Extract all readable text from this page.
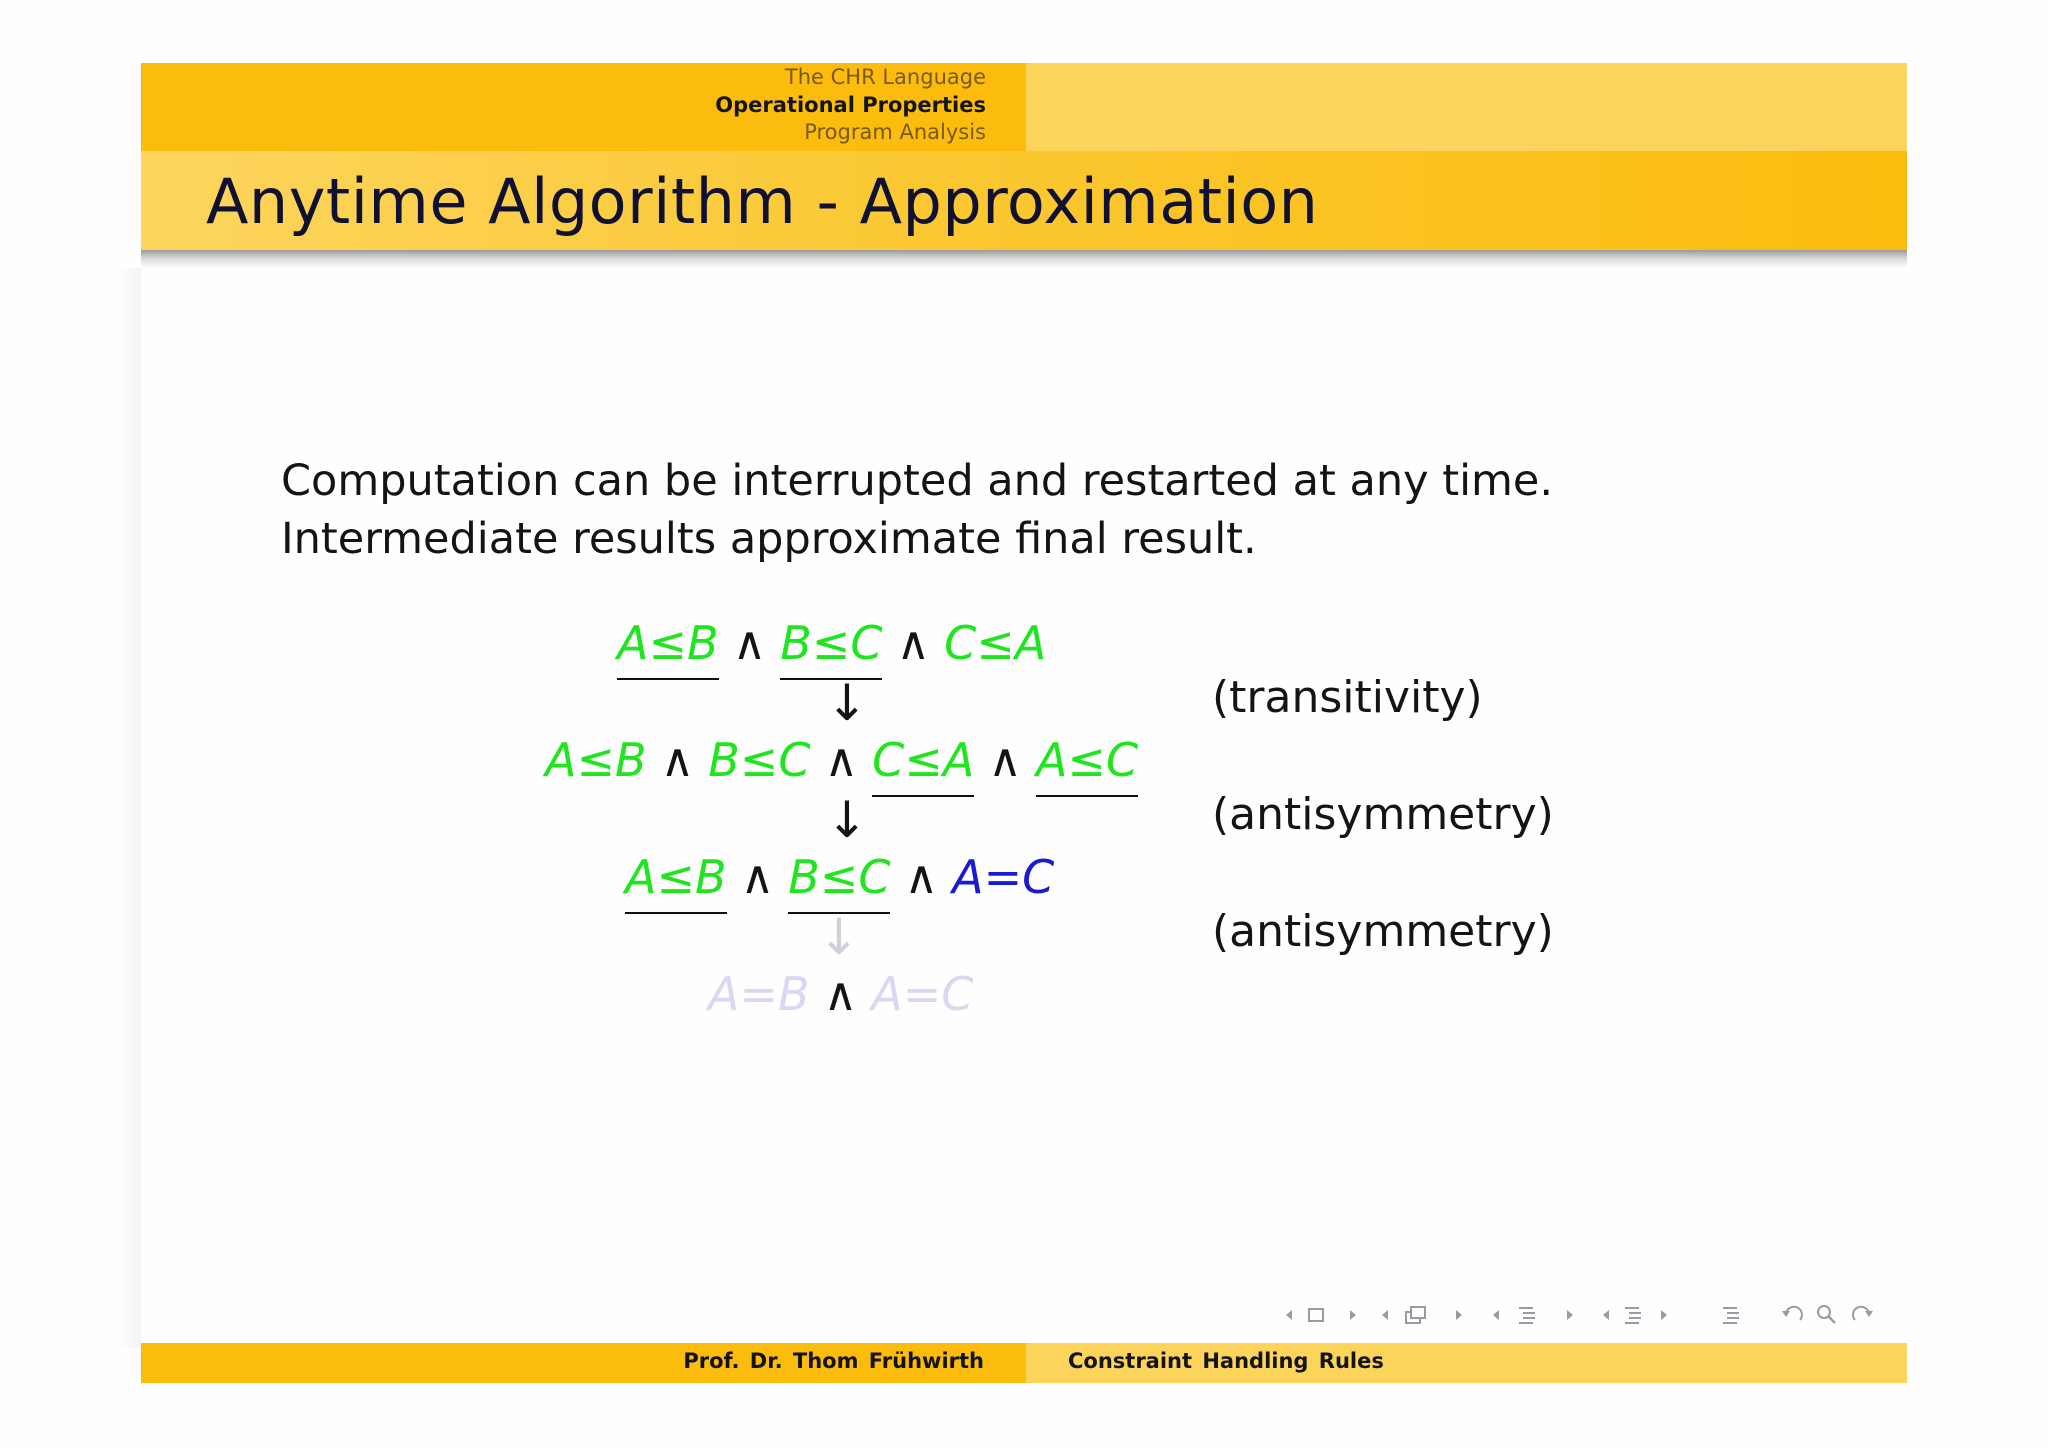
The CHR Language
Operational Properties
Program Analysis
Anytime Algorithm - Approximation
Computation can be interrupted and restarted at any time.
Intermediate results approximate final result.
A≤B ∧ B≤C ∧ C≤A
↓	(transitivity)
A≤B ∧ B≤C ∧ C≤A ∧ A≤C
↓	(antisymmetry)
A≤B ∧ B≤C ∧ A=C
↓	(antisymmetry)
A=B ∧ A=C

Prof. Dr. Thom Frühwirth	Constraint Handling Rules
